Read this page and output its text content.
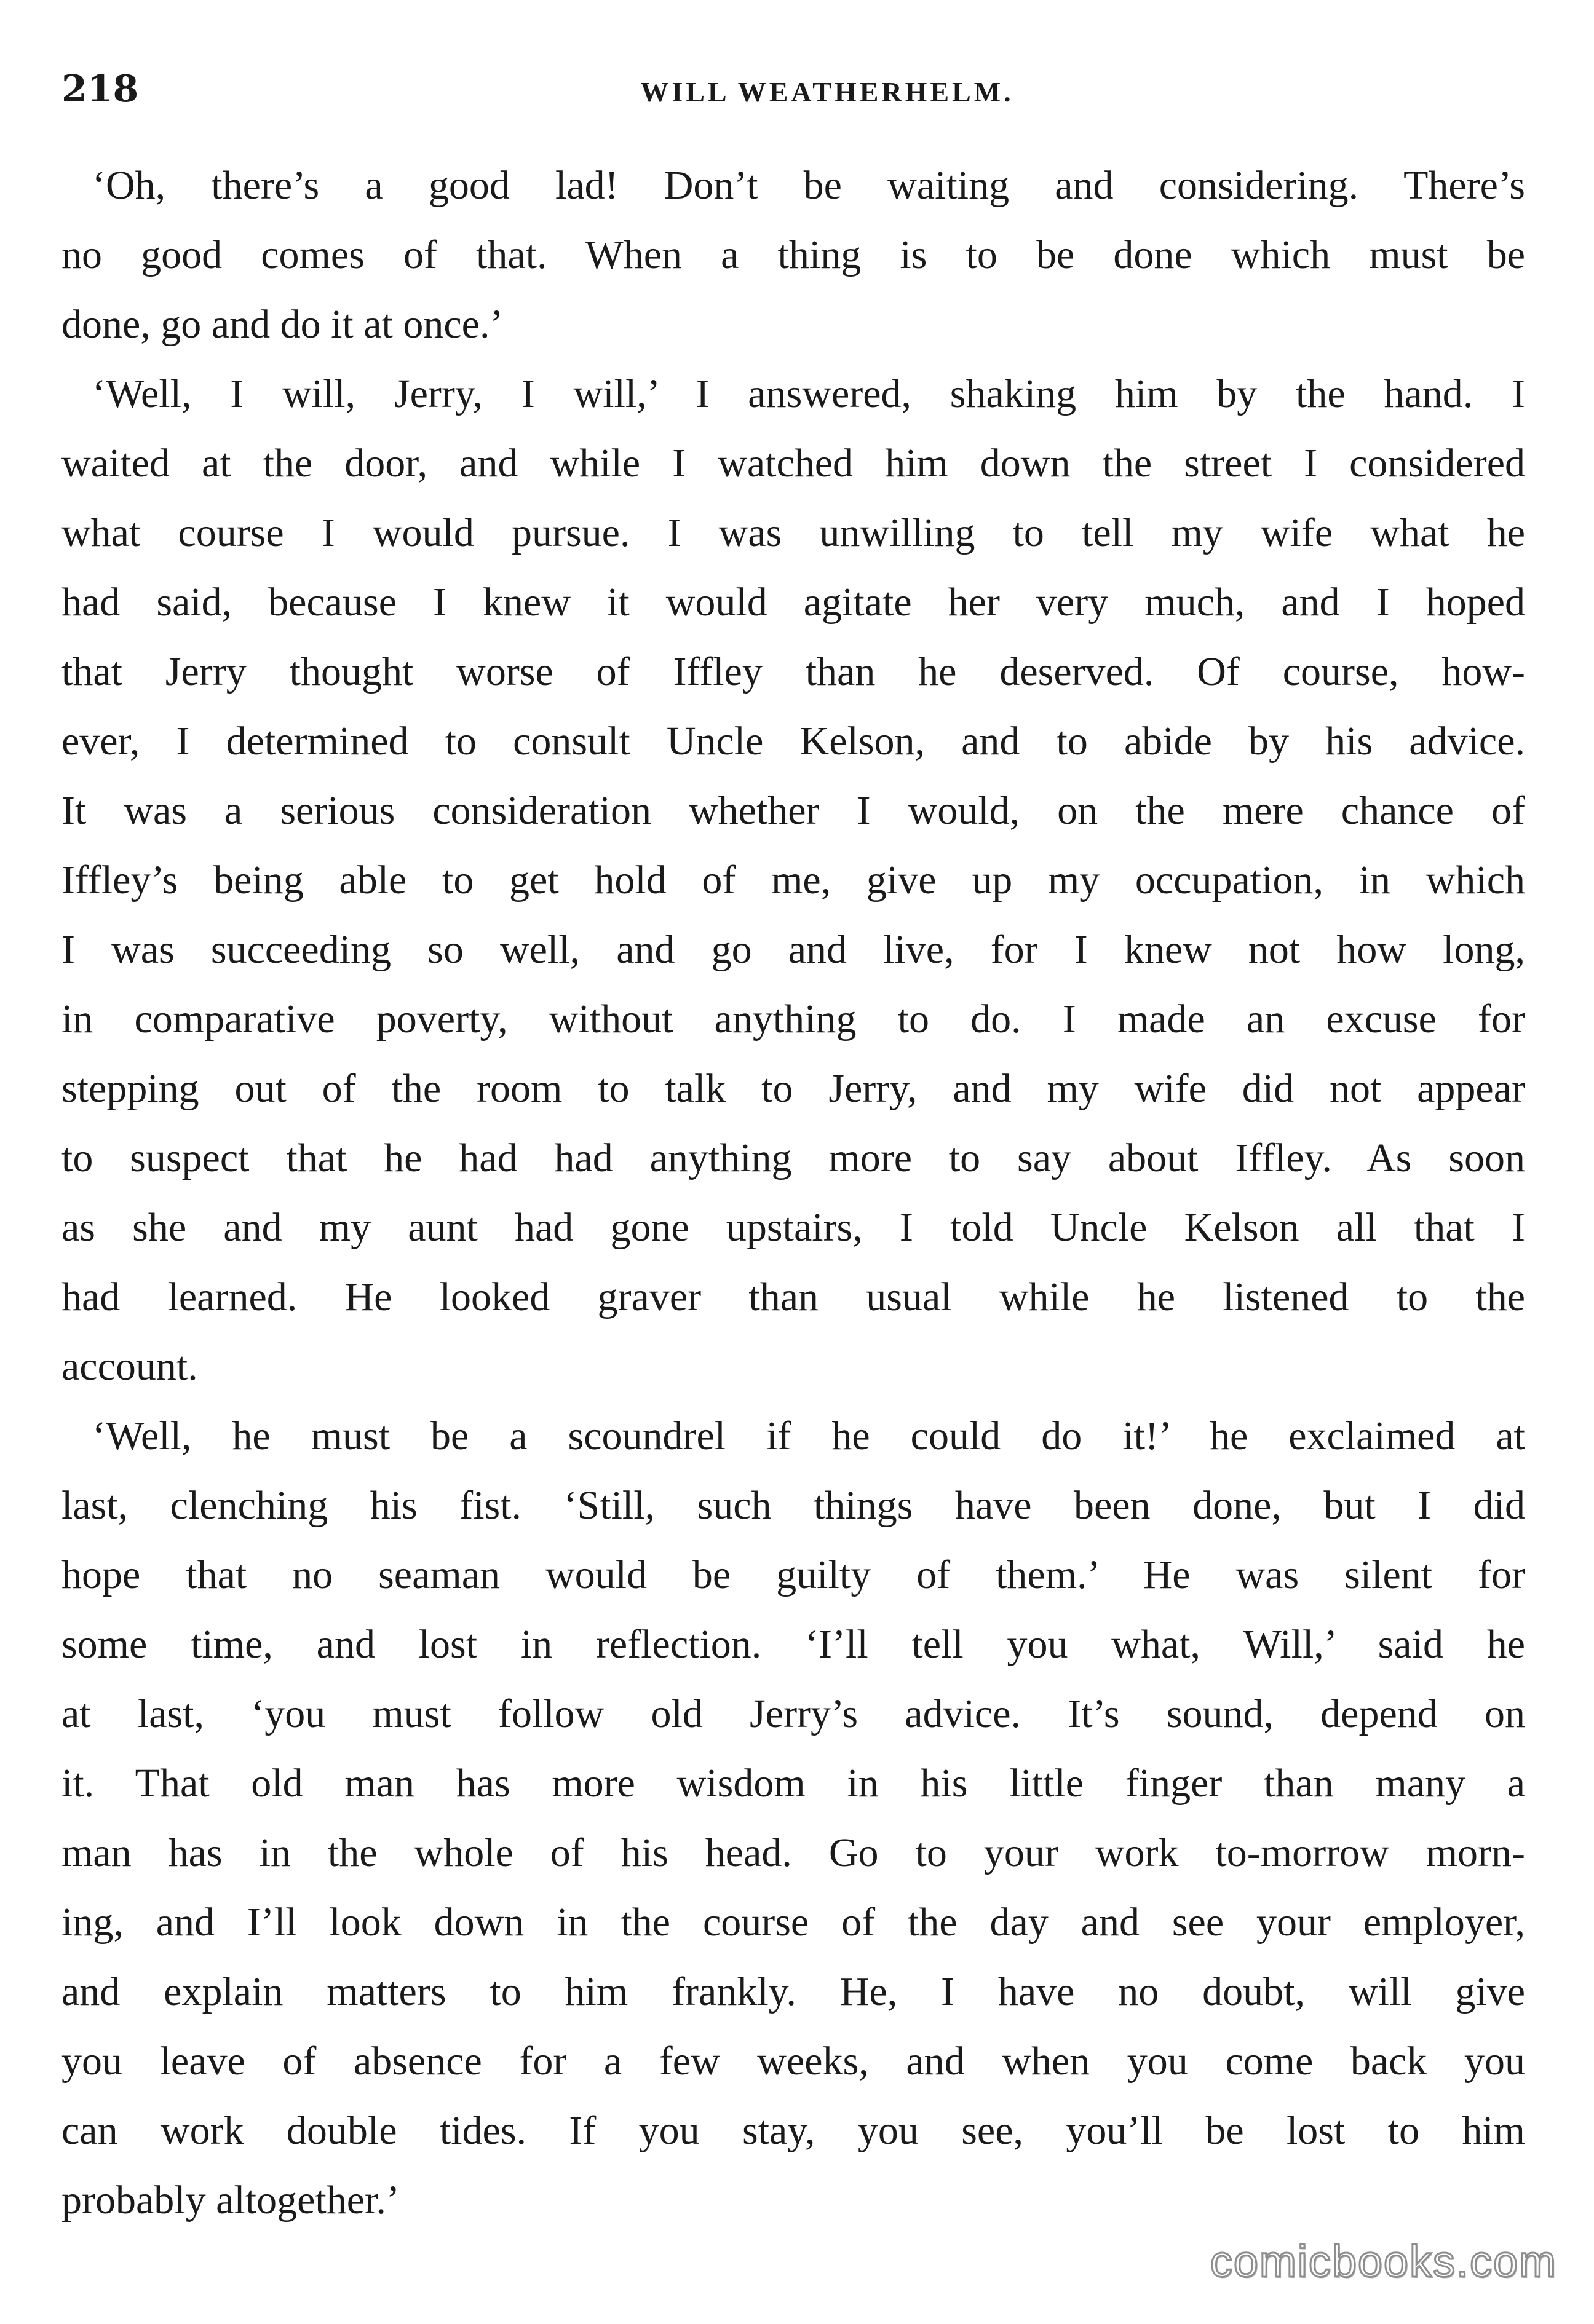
218	WILL WEATHERHELM.
‘Oh, there’s a good lad! Don’t be waiting and considering. There’s
no good comes of that. When a thing is to be done which must be
done, go and do it at once.’
‘Well, I will, Jerry, I will,’ I answered, shaking him by the hand. I
waited at the door, and while I watched him down the street I considered
what course I would pursue. I was unwilling to tell my wife what he
had said, because I knew it would agitate her very much, and I hoped
that Jerry thought worse of Iffley than he deserved. Of course, how-
ever, I determined to consult Uncle Kelson, and to abide by his advice.
It was a serious consideration whether I would, on the mere chance of
Iffley’s being able to get hold of me, give up my occupation, in which
I was succeeding so well, and go and live, for I knew not how long,
in comparative poverty, without anything to do. I made an excuse for
stepping out of the room to talk to Jerry, and my wife did not appear
to suspect that he had had anything more to say about Iffley. As soon
as she and my aunt had gone upstairs, I told Uncle Kelson all that I
had learned. He looked graver than usual while he listened to the
account.
‘Well, he must be a scoundrel if he could do it!’ he exclaimed at
last, clenching his fist. ‘Still, such things have been done, but I did
hope that no seaman would be guilty of them.’ He was silent for
some time, and lost in reflection. ‘I’ll tell you what, Will,’ said he
at last, ‘you must follow old Jerry’s advice. It’s sound, depend on
it. That old man has more wisdom in his little finger than many a
man has in the whole of his head. Go to your work to-morrow morn-
ing, and I’ll look down in the course of the day and see your employer,
and explain matters to him frankly. He, I have no doubt, will give
you leave of absence for a few weeks, and when you come back you
can work double tides. If you stay, you see, you’ll be lost to him
probably altogether.’
comicbooks.com
